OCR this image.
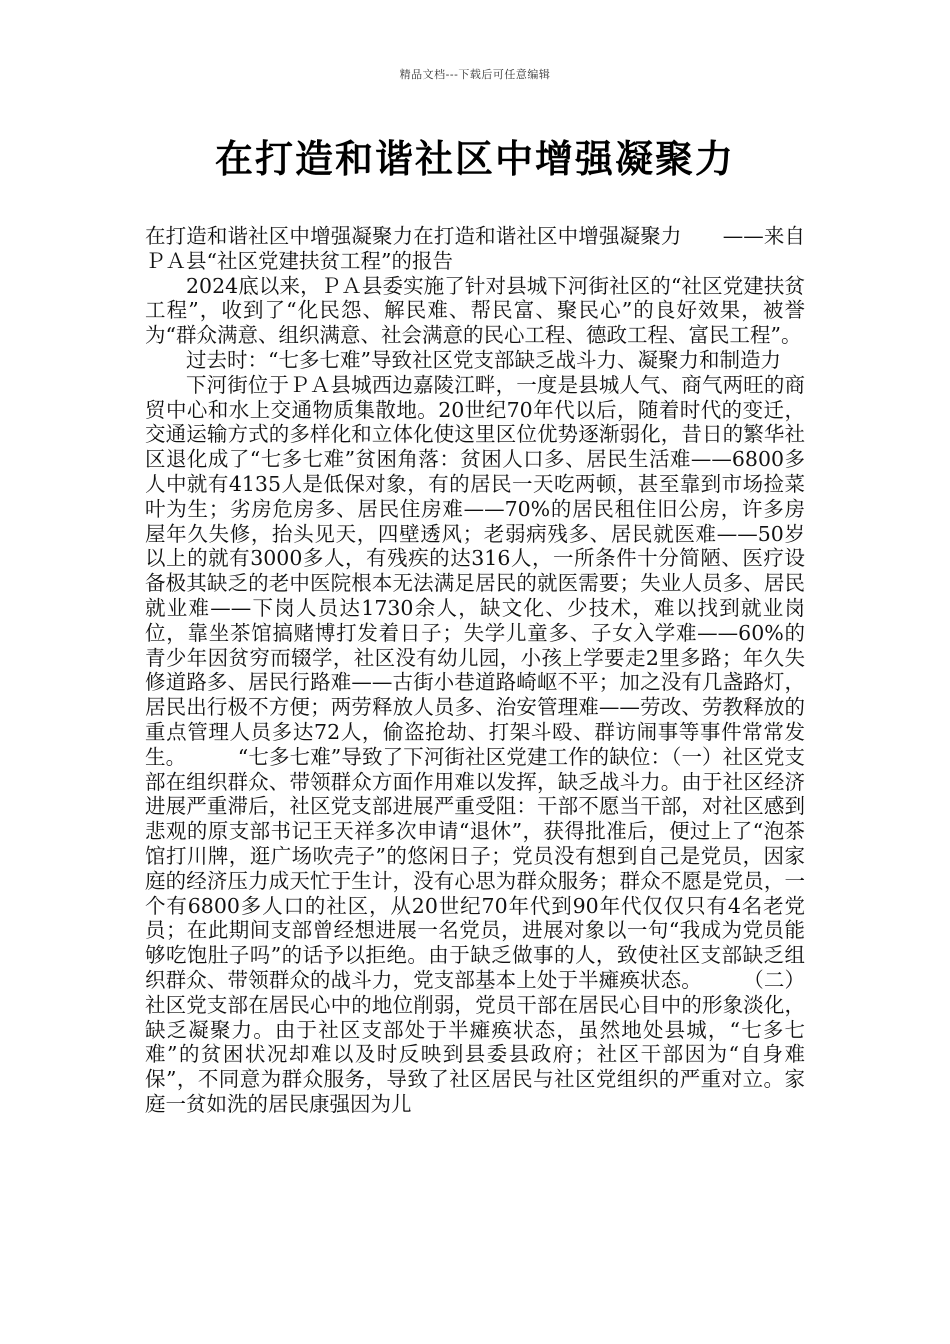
精品文档---下载后可任意编辑
在打造和谐社区中增强凝聚力

在打造和谐社区中增强凝聚力在打造和谐社区中增强凝聚力　　——来自ＰＡ县“社区党建扶贫工程”的报告

2024底以来，ＰＡ县委实施了针对县城下河街社区的“社区党建扶贫工程”，收到了“化民怨、解民难、帮民富、聚民心”的良好效果，被誉为“群众满意、组织满意、社会满意的民心工程、德政工程、富民工程”。

过去时：“七多七难”导致社区党支部缺乏战斗力、凝聚力和制造力

下河街位于ＰＡ县城西边嘉陵江畔，一度是县城人气、商气两旺的商贸中心和水上交通物质集散地。20世纪70年代以后，随着时代的变迁，交通运输方式的多样化和立体化使这里区位优势逐渐弱化，昔日的繁华社区退化成了“七多七难”贫困角落：贫困人口多、居民生活难——6800多人中就有4135人是低保对象，有的居民一天吃两顿，甚至靠到市场捡菜叶为生；劣房危房多、居民住房难——70%的居民租住旧公房，许多房屋年久失修，抬头见天，四壁透风；老弱病残多、居民就医难——50岁以上的就有3000多人，有残疾的达316人，一所条件十分简陋、医疗设备极其缺乏的老中医院根本无法满足居民的就医需要；失业人员多、居民就业难——下岗人员达1730余人，缺文化、少技术，难以找到就业岗位，靠坐茶馆搞赌博打发着日子；失学儿童多、子女入学难——60%的青少年因贫穷而辍学，社区没有幼儿园，小孩上学要走2里多路；年久失修道路多、居民行路难——古街小巷道路崎岖不平；加之没有几盏路灯，居民出行极不方便；两劳释放人员多、治安管理难——劳改、劳教释放的重点管理人员多达72人，偷盗抢劫、打架斗殴、群访闹事等事件常常发生。　　　“七多七难”导致了下河街社区党建工作的缺位：（一）社区党支部在组织群众、带领群众方面作用难以发挥，缺乏战斗力。由于社区经济进展严重滞后，社区党支部进展严重受阻：干部不愿当干部，对社区感到悲观的原支部书记王天祥多次申请“退休”，获得批准后，便过上了“泡茶馆打川牌，逛广场吹壳子”的悠闲日子；党员没有想到自己是党员，因家庭的经济压力成天忙于生计，没有心思为群众服务；群众不愿是党员，一个有6800多人口的社区，从20世纪70年代到90年代仅仅只有4名老党员；在此期间支部曾经想进展一名党员，进展对象以一句“我成为党员能够吃饱肚子吗”的话予以拒绝。由于缺乏做事的人，致使社区支部缺乏组织群众、带领群众的战斗力，党支部基本上处于半瘫痪状态。　　　（二）社区党支部在居民心中的地位削弱，党员干部在居民心目中的形象淡化，缺乏凝聚力。由于社区支部处于半瘫痪状态，虽然地处县城，“七多七难”的贫困状况却难以及时反映到县委县政府；社区干部因为“自身难保”，不同意为群众服务，导致了社区居民与社区党组织的严重对立。家庭一贫如洗的居民康强因为儿
